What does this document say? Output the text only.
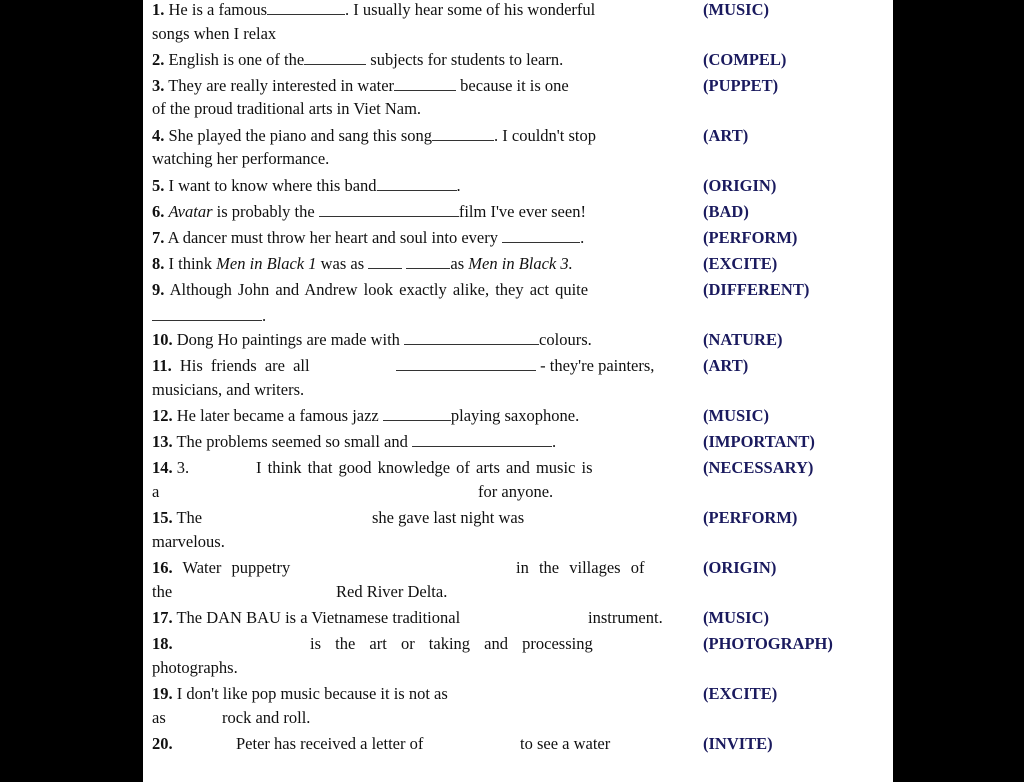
1. He is a famous	. I usually hear some of his wonderful
songs when I relax
(MUSIC)
2. English is one of the	subjects for students to learn.	(COMPEL)
3. They are really interested in water	because it is one
of the proud traditional arts in Viet Nam.
(PUPPET)
4. She played the piano and sang this song	. I couldn't stop
watching her performance.
(ART)
5. I want to know where this band	.	(ORIGIN)
6. Avatar is probably the	film I've ever seen!	(BAD)
7. A dancer must throw her heart and soul into every	.	(PERFORM)
8. I think Men in Black 1 was as	as Men in Black 3.	(EXCITE)
9. Although John and Andrew look exactly alike, they act quite
.
(DIFFERENT)
10. Dong Ho paintings are made with	colours.	(NATURE)
11. His friends are all	- they're painters,
musicians, and writers.
(ART)
12. He later became a famous jazz	playing saxophone.	(MUSIC)
13. The problems seemed so small and	.	(IMPORTANT)
14. 3.	I think that good knowledge of arts and music is
a	for anyone.
(NECESSARY)
15. The	she gave last night was
marvelous.
(PERFORM)
16. Water puppetry	in the villages of
the	Red River Delta.
(ORIGIN)
17. The DAN BAU is a Vietnamese traditional	instrument. (MUSIC)
18.	is the art or taking and processing
photographs.
(PHOTOGRAPH)
19. I don't like pop music because it is not as
as	rock and roll.
(EXCITE)
20.	Peter has received a letter of	to see a water	(INVITE)
